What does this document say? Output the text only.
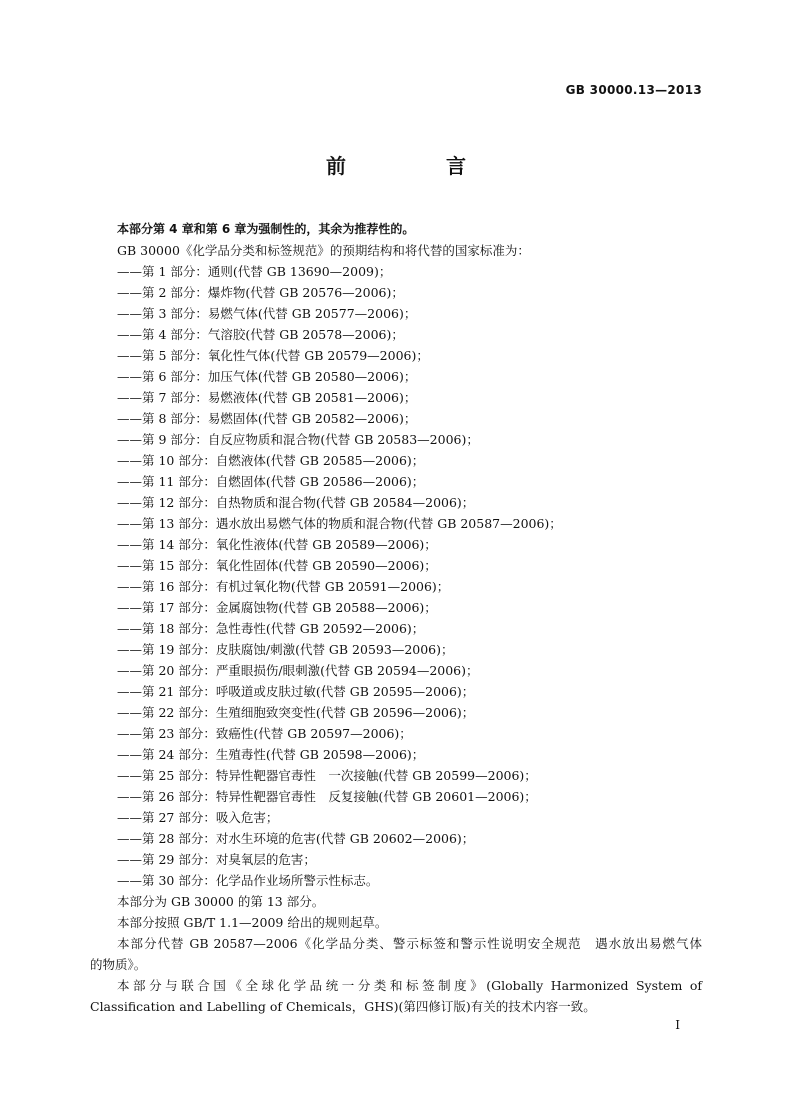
GB 30000.13—2013
前　言
本部分第 4 章和第 6 章为强制性的，其余为推荐性的。
GB 30000《化学品分类和标签规范》的预期结构和将代替的国家标准为：
——第 1 部分：通则(代替 GB 13690—2009)；
——第 2 部分：爆炸物(代替 GB 20576—2006)；
——第 3 部分：易燃气体(代替 GB 20577—2006)；
——第 4 部分：气溶胶(代替 GB 20578—2006)；
——第 5 部分：氧化性气体(代替 GB 20579—2006)；
——第 6 部分：加压气体(代替 GB 20580—2006)；
——第 7 部分：易燃液体(代替 GB 20581—2006)；
——第 8 部分：易燃固体(代替 GB 20582—2006)；
——第 9 部分：自反应物质和混合物(代替 GB 20583—2006)；
——第 10 部分：自燃液体(代替 GB 20585—2006)；
——第 11 部分：自燃固体(代替 GB 20586—2006)；
——第 12 部分：自热物质和混合物(代替 GB 20584—2006)；
——第 13 部分：遇水放出易燃气体的物质和混合物(代替 GB 20587—2006)；
——第 14 部分：氧化性液体(代替 GB 20589—2006)；
——第 15 部分：氧化性固体(代替 GB 20590—2006)；
——第 16 部分：有机过氧化物(代替 GB 20591—2006)；
——第 17 部分：金属腐蚀物(代替 GB 20588—2006)；
——第 18 部分：急性毒性(代替 GB 20592—2006)；
——第 19 部分：皮肤腐蚀/刺激(代替 GB 20593—2006)；
——第 20 部分：严重眼损伤/眼刺激(代替 GB 20594—2006)；
——第 21 部分：呼吸道或皮肤过敏(代替 GB 20595—2006)；
——第 22 部分：生殖细胞致突变性(代替 GB 20596—2006)；
——第 23 部分：致癌性(代替 GB 20597—2006)；
——第 24 部分：生殖毒性(代替 GB 20598—2006)；
——第 25 部分：特异性靶器官毒性　一次接触(代替 GB 20599—2006)；
——第 26 部分：特异性靶器官毒性　反复接触(代替 GB 20601—2006)；
——第 27 部分：吸入危害；
——第 28 部分：对水生环境的危害(代替 GB 20602—2006)；
——第 29 部分：对臭氧层的危害；
——第 30 部分：化学品作业场所警示性标志。
本部分为 GB 30000 的第 13 部分。
本部分按照 GB/T 1.1—2009 给出的规则起草。
本部分代替 GB 20587—2006《化学品分类、警示标签和警示性说明安全规范　遇水放出易燃气体
的物质》。
本部分与联合国《全球化学品统一分类和标签制度》(Globally Harmonized System of
Classification and Labelling of Chemicals，GHS)(第四修订版)有关的技术内容一致。
I
